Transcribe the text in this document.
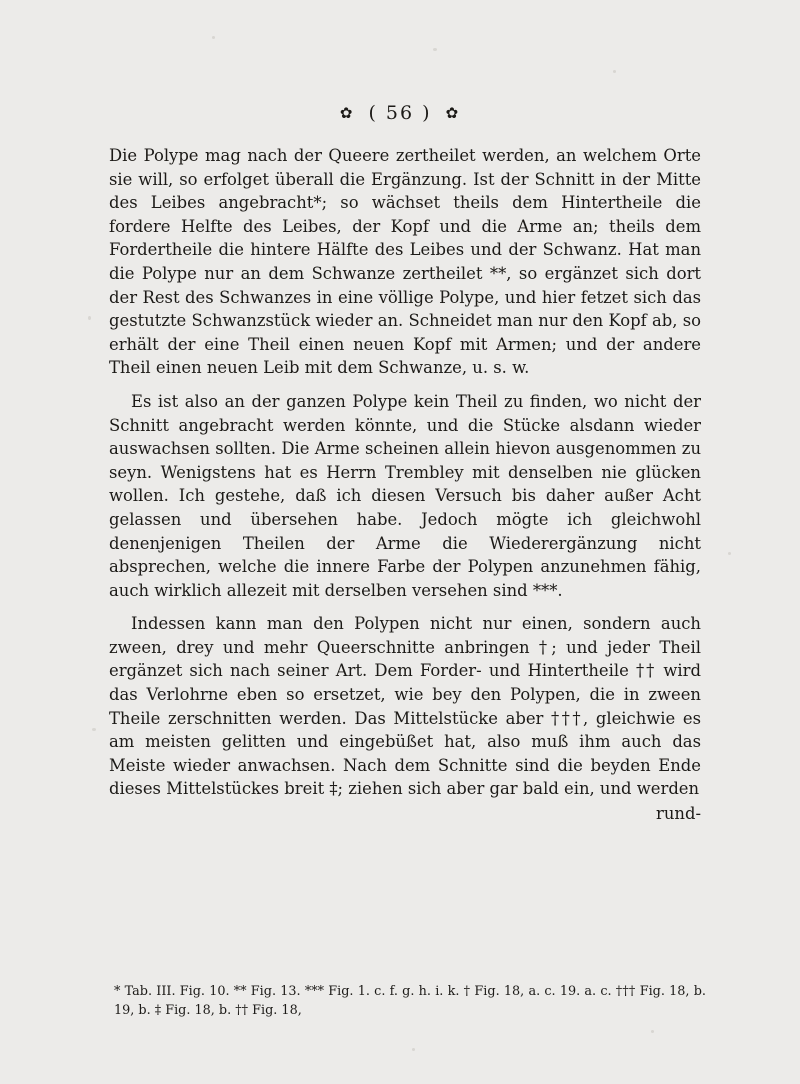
✿ ( 56 ) ✿

Die Polype mag nach der Queere zertheilet werden, an welchem Orte sie will, so erfolget überall die Ergänzung. Ist der Schnitt in der Mitte des Leibes angebracht*; so wächset theils dem Hintertheile die fordere Helfte des Leibes, der Kopf und die Arme an; theils dem Fordertheile die hintere Hälfte des Leibes und der Schwanz. Hat man die Polype nur an dem Schwanze zertheilet **, so ergänzet sich dort der Rest des Schwanzes in eine völlige Polype, und hier fetzet sich das gestutzte Schwanzstück wieder an. Schneidet man nur den Kopf ab, so erhält der eine Theil einen neuen Kopf mit Armen; und der andere Theil einen neuen Leib mit dem Schwanze, u. s. w.

Es ist also an der ganzen Polype kein Theil zu finden, wo nicht der Schnitt angebracht werden könnte, und die Stücke alsdann wieder auswachsen sollten. Die Arme scheinen allein hievon ausgenommen zu seyn. Wenigstens hat es Herrn Trembley mit denselben nie glücken wollen. Ich gestehe, daß ich diesen Versuch bis daher außer Acht gelassen und übersehen habe. Jedoch mögte ich gleichwohl denenjenigen Theilen der Arme die Wiederergänzung nicht absprechen, welche die innere Farbe der Polypen anzunehmen fähig, auch wirklich allezeit mit derselben versehen sind ***.

Indessen kann man den Polypen nicht nur einen, sondern auch zween, drey und mehr Queerschnitte anbringen †; und jeder Theil ergänzet sich nach seiner Art. Dem Forder- und Hintertheile †† wird das Verlohrne eben so ersetzet, wie bey den Polypen, die in zween Theile zerschnitten werden. Das Mittelstücke aber †††, gleichwie es am meisten gelitten und eingebüßet hat, also muß ihm auch das Meiste wieder anwachsen. Nach dem Schnitte sind die beyden Ende dieses Mittelstückes breit ‡; ziehen sich aber gar bald ein, und werden

rund-
* Tab. III. Fig. 10. ** Fig. 13. *** Fig. 1. c. f. g. h. i. k. † Fig. 18, a. c. 19. a. c. ††† Fig. 18, b. 19, b. ‡ Fig. 18, b. †† Fig. 18,
